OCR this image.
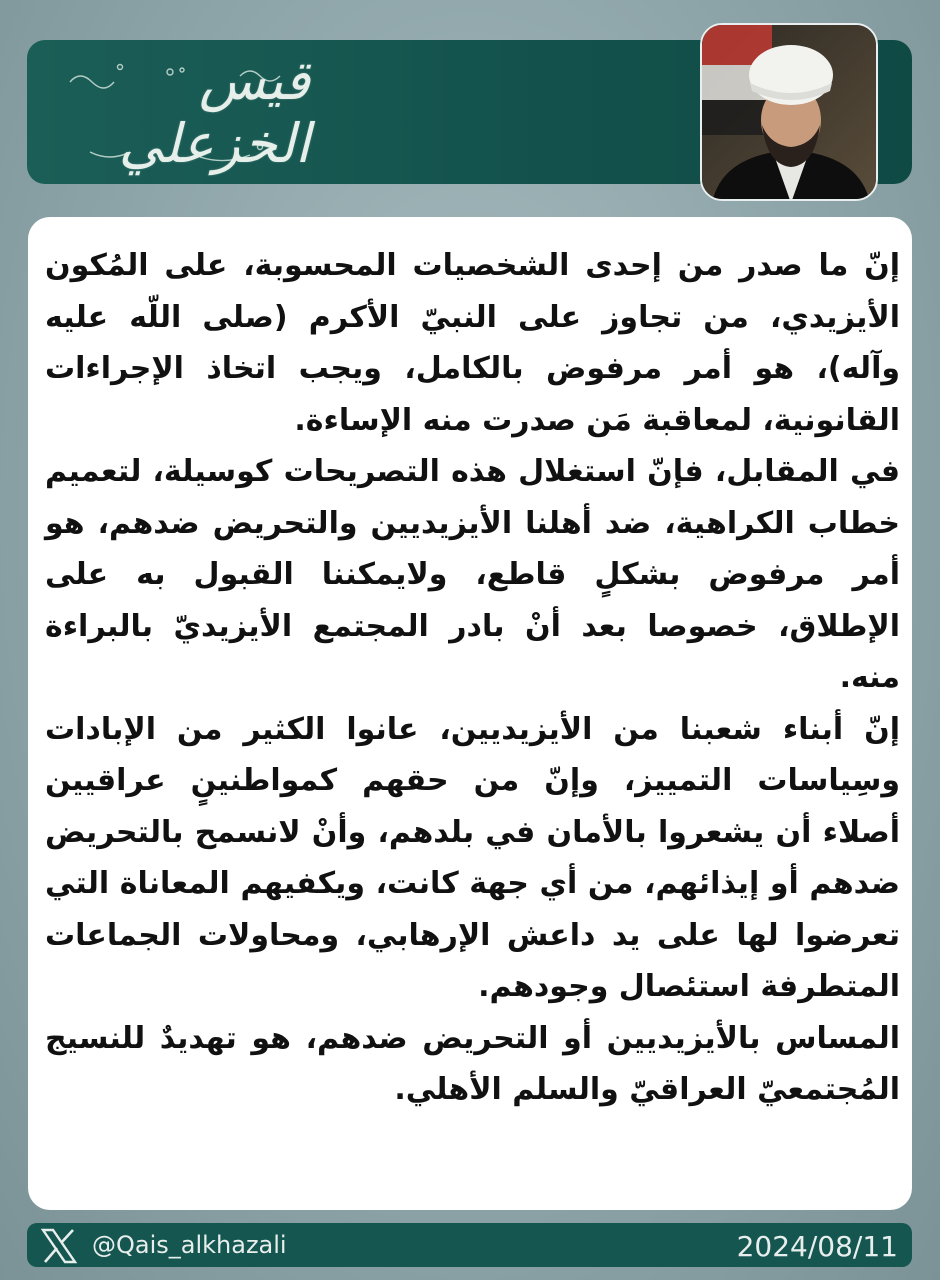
قيس الخزعلي

إنّ ما صدر من إحدى الشخصيات المحسوبة، على المُكون الأيزيدي، من تجاوز على النبيّ الأكرم (صلى اللّه عليه وآله)، هو أمر مرفوض بالكامل، ويجب اتخاذ الإجراءات القانونية، لمعاقبة مَن صدرت منه الإساءة.

في المقابل، فإنّ استغلال هذه التصريحات كوسيلة، لتعميم خطاب الكراهية، ضد أهلنا الأيزيديين والتحريض ضدهم، هو أمر مرفوض بشكلٍ قاطع، ولايمكننا القبول به على الإطلاق، خصوصا بعد أنْ بادر المجتمع الأيزيديّ بالبراءة منه.

إنّ أبناء شعبنا من الأيزيديين، عانوا الكثير من الإبادات وسِياسات التمييز، وإنّ من حقهم كمواطنينٍ عراقيين أصلاء أن يشعروا بالأمان في بلدهم، وأنْ لانسمح بالتحريض ضدهم أو إيذائهم، من أي جهة كانت، ويكفيهم المعاناة التي تعرضوا لها على يد داعش الإرهابي، ومحاولات الجماعات المتطرفة استئصال وجودهم.

المساس بالأيزيديين أو التحريض ضدهم، هو تهديدٌ للنسيج المُجتمعيّ العراقيّ والسلم الأهلي.

@Qais_alkhazali	2024/08/11
